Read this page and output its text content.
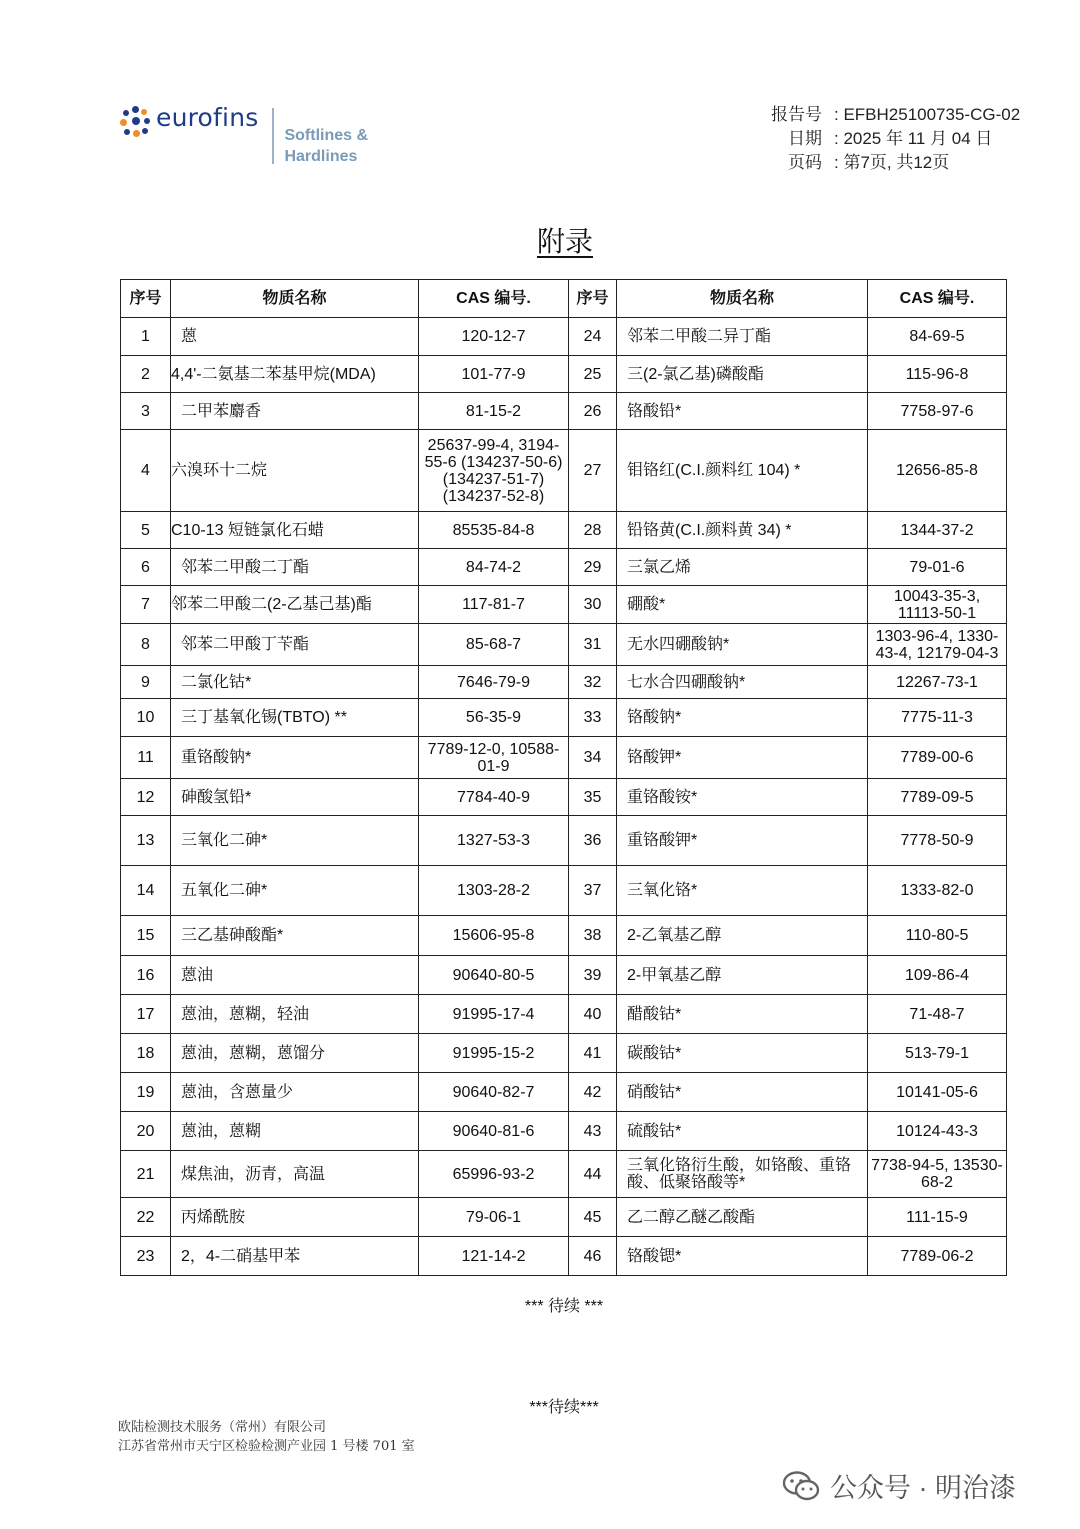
eurofins
Softlines &
Hardlines
报告号 : EFBH25100735-CG-02
日期 : 2025 年 11 月 04 日
页码 : 第7页, 共12页
附录
序号	物质名称	CAS 编号.	序号	物质名称	CAS 编号.
1	蒽	120-12-7	24	邻苯二甲酸二异丁酯	84-69-5
2	4,4'-二氨基二苯基甲烷(MDA)	101-77-9	25	三(2-氯乙基)磷酸酯	115-96-8
3	二甲苯麝香	81-15-2	26	铬酸铅*	7758-97-6
4	六溴环十二烷	25637-99-4, 3194-55-6 (134237-50-6) (134237-51-7) (134237-52-8)	27	钼铬红(C.I.颜料红 104) *	12656-85-8
5	C10-13 短链氯化石蜡	85535-84-8	28	铅铬黄(C.I.颜料黄 34) *	1344-37-2
6	邻苯二甲酸二丁酯	84-74-2	29	三氯乙烯	79-01-6
7	邻苯二甲酸二(2-乙基己基)酯	117-81-7	30	硼酸*	10043-35-3, 11113-50-1
8	邻苯二甲酸丁苄酯	85-68-7	31	无水四硼酸钠*	1303-96-4, 1330-43-4, 12179-04-3
9	二氯化钴*	7646-79-9	32	七水合四硼酸钠*	12267-73-1
10	三丁基氧化锡(TBTO) **	56-35-9	33	铬酸钠*	7775-11-3
11	重铬酸钠*	7789-12-0, 10588-01-9	34	铬酸钾*	7789-00-6
12	砷酸氢铅*	7784-40-9	35	重铬酸铵*	7789-09-5
13	三氧化二砷*	1327-53-3	36	重铬酸钾*	7778-50-9
14	五氧化二砷*	1303-28-2	37	三氧化铬*	1333-82-0
15	三乙基砷酸酯*	15606-95-8	38	2-乙氧基乙醇	110-80-5
16	蒽油	90640-80-5	39	2-甲氧基乙醇	109-86-4
17	蒽油，蒽糊，轻油	91995-17-4	40	醋酸钴*	71-48-7
18	蒽油，蒽糊，蒽馏分	91995-15-2	41	碳酸钴*	513-79-1
19	蒽油，含蒽量少	90640-82-7	42	硝酸钴*	10141-05-6
20	蒽油，蒽糊	90640-81-6	43	硫酸钴*	10124-43-3
21	煤焦油，沥青，高温	65996-93-2	44	三氧化铬衍生酸，如铬酸、重铬酸、低聚铬酸等*	7738-94-5, 13530-68-2
22	丙烯酰胺	79-06-1	45	乙二醇乙醚乙酸酯	111-15-9
23	2，4-二硝基甲苯	121-14-2	46	铬酸锶*	7789-06-2
*** 待续 ***
***待续***
欧陆检测技术服务（常州）有限公司
江苏省常州市天宁区检验检测产业园 1 号楼 701 室
公众号 · 明治漆
